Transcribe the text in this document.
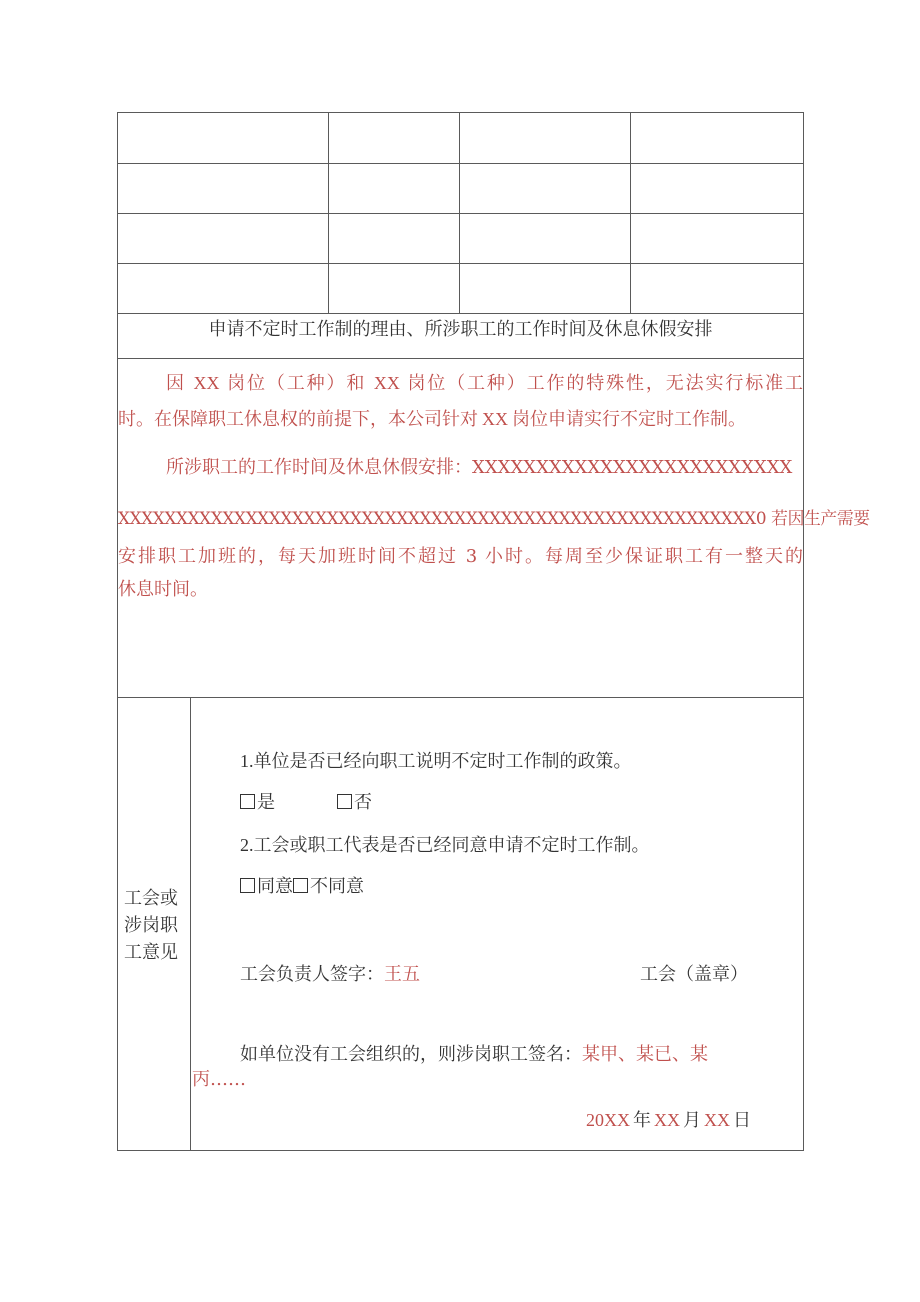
申请不定时工作制的理由、所涉职工的工作时间及休息休假安排
因 XX 岗位（工种）和 XX 岗位（工种）工作的特殊性，无法实行标准工
时。在保障职工休息权的前提下，本公司针对 XX 岗位申请实行不定时工作制。
所涉职工的工作时间及休息休假安排：XXXXXXXXXXXXXXXXXXXXXXXXX
XXXXXXXXXXXXXXXXXXXXXXXXXXXXXXXXXXXXXXXXXXXXXXXXXXXXXXX0 若因生产需要
安排职工加班的，每天加班时间不超过 3 小时。每周至少保证职工有一整天的
休息时间。
工会或
涉岗职
工意见
1.单位是否已经向职工说明不定时工作制的政策。
是	否
2.工会或职工代表是否已经同意申请不定时工作制。
同意 不同意
工会负责人签字：王五	工会（盖章）
如单位没有工会组织的，则涉岗职工签名：某甲、某已、某
丙……
20XX 年 XX 月 XX 日
